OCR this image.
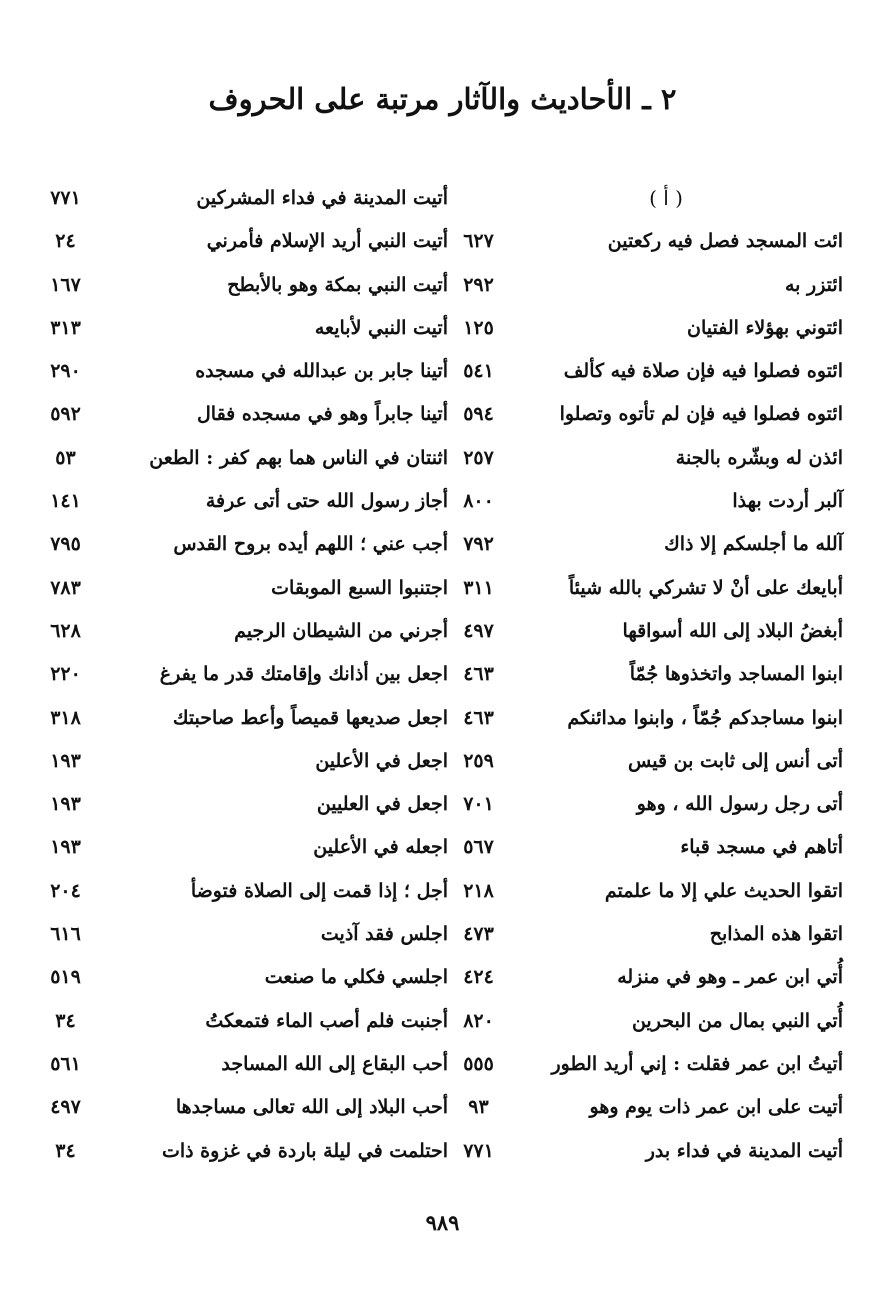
٢ ـ الأحاديث والآثار مرتبة على الحروف
( أ )
ائت المسجد فصل فيه ركعتين
٦٢٧
ائتزر به
٢٩٢
ائتوني بهؤلاء الفتيان
١٢٥
ائتوه فصلوا فيه فإن صلاة فيه كألف
٥٤١
ائتوه فصلوا فيه فإن لم تأتوه وتصلوا
٥٩٤
ائذن له وبشّره بالجنة
٢٥٧
آلبر أردت بهذا
٨٠٠
آلله ما أجلسكم إلا ذاك
٧٩٢
أبايعك على أنْ لا تشركي بالله شيئاً
٣١١
أبغضُ البلاد إلى الله أسواقها
٤٩٧
ابنوا المساجد واتخذوها جُمّاً
٤٦٣
ابنوا مساجدكم جُمّاً ، وابنوا مدائنكم
٤٦٣
أتى أنس إلى ثابت بن قيس
٢٥٩
أتى رجل رسول الله ، وهو
٧٠١
أتاهم في مسجد قباء
٥٦٧
اتقوا الحديث علي إلا ما علمتم
٢١٨
اتقوا هذه المذابح
٤٧٣
أُتي ابن عمر ـ وهو في منزله
٤٢٤
أُتي النبي بمال من البحرين
٨٢٠
أتيتُ ابن عمر فقلت : إني أريد الطور
٥٥٥
أتيت على ابن عمر ذات يوم وهو
٩٣
أتيت المدينة في فداء بدر
٧٧١
أتيت المدينة في فداء المشركين
٧٧١
أتيت النبي أريد الإسلام فأمرني
٢٤
أتيت النبي بمكة وهو بالأبطح
١٦٧
أتيت النبي لأبايعه
٣١٣
أتينا جابر بن عبدالله في مسجده
٢٩٠
أتينا جابراً وهو في مسجده فقال
٥٩٢
اثنتان في الناس هما بهم كفر : الطعن
٥٣
أجاز رسول الله حتى أتى عرفة
١٤١
أجب عني ؛ اللهم أيده بروح القدس
٧٩٥
اجتنبوا السبع الموبقات
٧٨٣
أجرني من الشيطان الرجيم
٦٢٨
اجعل بين أذانك وإقامتك قدر ما يفرغ
٢٢٠
اجعل صديعها قميصاً وأعط صاحبتك
٣١٨
اجعل في الأعلين
١٩٣
اجعل في العليين
١٩٣
اجعله في الأعلين
١٩٣
أجل ؛ إذا قمت إلى الصلاة فتوضأ
٢٠٤
اجلس فقد آذيت
٦١٦
اجلسي فكلي ما صنعت
٥١٩
أجنبت فلم أصب الماء فتمعكتُ
٣٤
أحب البقاع إلى الله المساجد
٥٦١
أحب البلاد إلى الله تعالى مساجدها
٤٩٧
احتلمت في ليلة باردة في غزوة ذات
٣٤
٩٨٩
